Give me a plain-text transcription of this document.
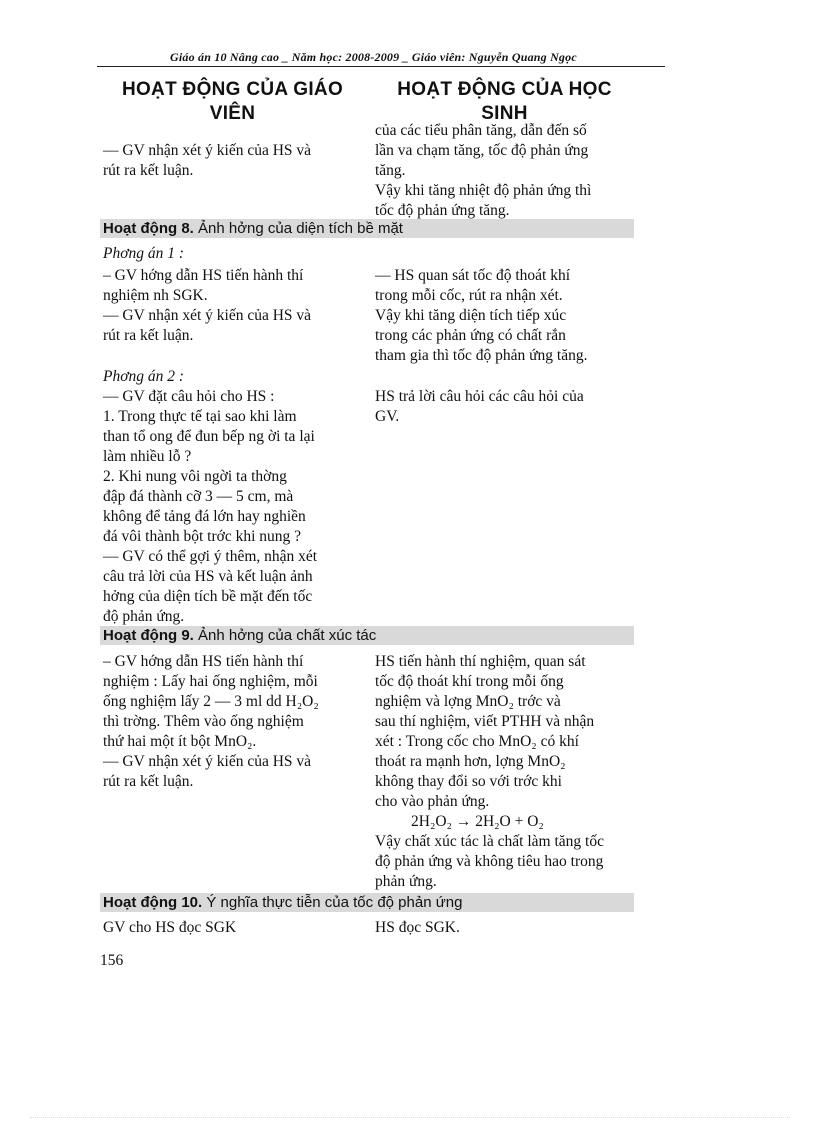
Giáo án 10 Nâng cao _ Năm học: 2008-2009 _ Giáo viên: Nguyễn Quang Ngọc
HOẠT ĐỘNG CỦA GIÁO VIÊN
HOẠT ĐỘNG CỦA HỌC SINH
— GV nhận xét ý kiến của HS và
rút ra kết luận.
của các tiểu phân tăng, dẫn đến số
lần va chạm tăng, tốc độ phản ứng
tăng.
Vậy khi tăng nhiệt độ phản ứng thì
tốc độ phản ứng tăng.
Hoạt động 8. Ảnh hởng của diện tích bề mặt
Phơng án 1 :
– GV hớng dẫn HS tiến hành thí
nghiệm nh SGK.
— GV nhận xét ý kiến của HS và
rút ra kết luận.
— HS quan sát tốc độ thoát khí
trong mỗi cốc, rút ra nhận xét.
Vậy khi tăng diện tích tiếp xúc
trong các phản ứng có chất rắn
tham gia thì tốc độ phản ứng tăng.
Phơng án 2 :
— GV đặt câu hỏi cho HS :
1. Trong thực tế tại sao khi làm
than tổ ong để đun bếp ng ời ta lại
làm nhiều lỗ ?
2. Khi nung vôi ngời ta thờng
đập đá thành cỡ 3 — 5 cm, mà
không để tảng đá lớn hay nghiền
đá vôi thành bột trớc khi nung ?
— GV có thể gợi ý thêm, nhận xét
câu trả lời của HS và kết luận ảnh
hởng của diện tích bề mặt đến tốc
độ phản ứng.
HS trả lời câu hỏi các câu hỏi của
GV.
Hoạt động 9. Ảnh hởng của chất xúc tác
– GV hớng dẫn HS tiến hành thí
nghiệm : Lấy hai ống nghiệm, mỗi
ống nghiệm lấy 2 — 3 ml dd H₂O₂
thì trờng. Thêm vào ống nghiệm
thứ hai một ít bột MnO₂.
— GV nhận xét ý kiến của HS và
rút ra kết luận.
HS tiến hành thí nghiệm, quan sát
tốc độ thoát khí trong mỗi ống
nghiệm và lợng MnO₂ trớc và
sau thí nghiệm, viết PTHH và nhận
xét : Trong cốc cho MnO₂ có khí
thoát ra mạnh hơn, lợng MnO₂
không thay đổi so với trớc khi
cho vào phản ứng.
2H₂O₂ → 2H₂O + O₂
Vậy chất xúc tác là chất làm tăng tốc
độ phản ứng và không tiêu hao trong
phản ứng.
Hoạt động 10. Ý nghĩa thực tiễn của tốc độ phản ứng
GV cho HS đọc SGK	HS đọc SGK.
156
